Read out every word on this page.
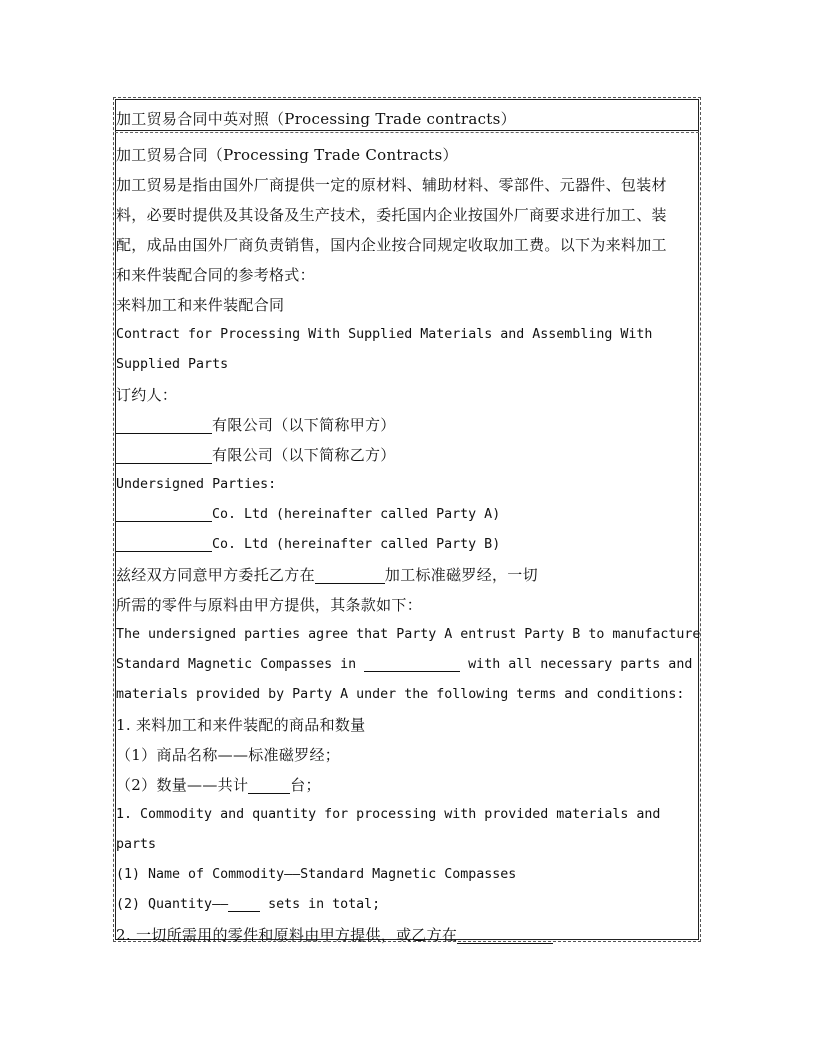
加工贸易合同中英对照（Processing Trade contracts）
加工贸易合同（Processing Trade Contracts）
加工贸易是指由国外厂商提供一定的原材料、辅助材料、零部件、元器件、包装材
料，必要时提供及其设备及生产技术，委托国内企业按国外厂商要求进行加工、装
配，成品由国外厂商负责销售，国内企业按合同规定收取加工费。以下为来料加工
和来件装配合同的参考格式：
来料加工和来件装配合同
Contract for Processing With Supplied Materials and Assembling With
Supplied Parts
订约人：
有限公司（以下简称甲方）
有限公司（以下简称乙方）
Undersigned Parties:
Co. Ltd (hereinafter called Party A)
Co. Ltd (hereinafter called Party B)
兹经双方同意甲方委托乙方在	加工标准磁罗经，一切
所需的零件与原料由甲方提供，其条款如下：
The undersigned parties agree that Party A entrust Party B to manufacture
Standard Magnetic Compasses in	with all necessary parts and
materials provided by Party A under the following terms and conditions:
1. 来料加工和来件装配的商品和数量
（1）商品名称——标准磁罗经；
（2）数量——共计	台；
1. Commodity and quantity for processing with provided materials and
parts
(1) Name of Commodity——Standard Magnetic Compasses
(2) Quantity—— sets in total;
2. 一切所需用的零件和原料由甲方提供，或乙方在
